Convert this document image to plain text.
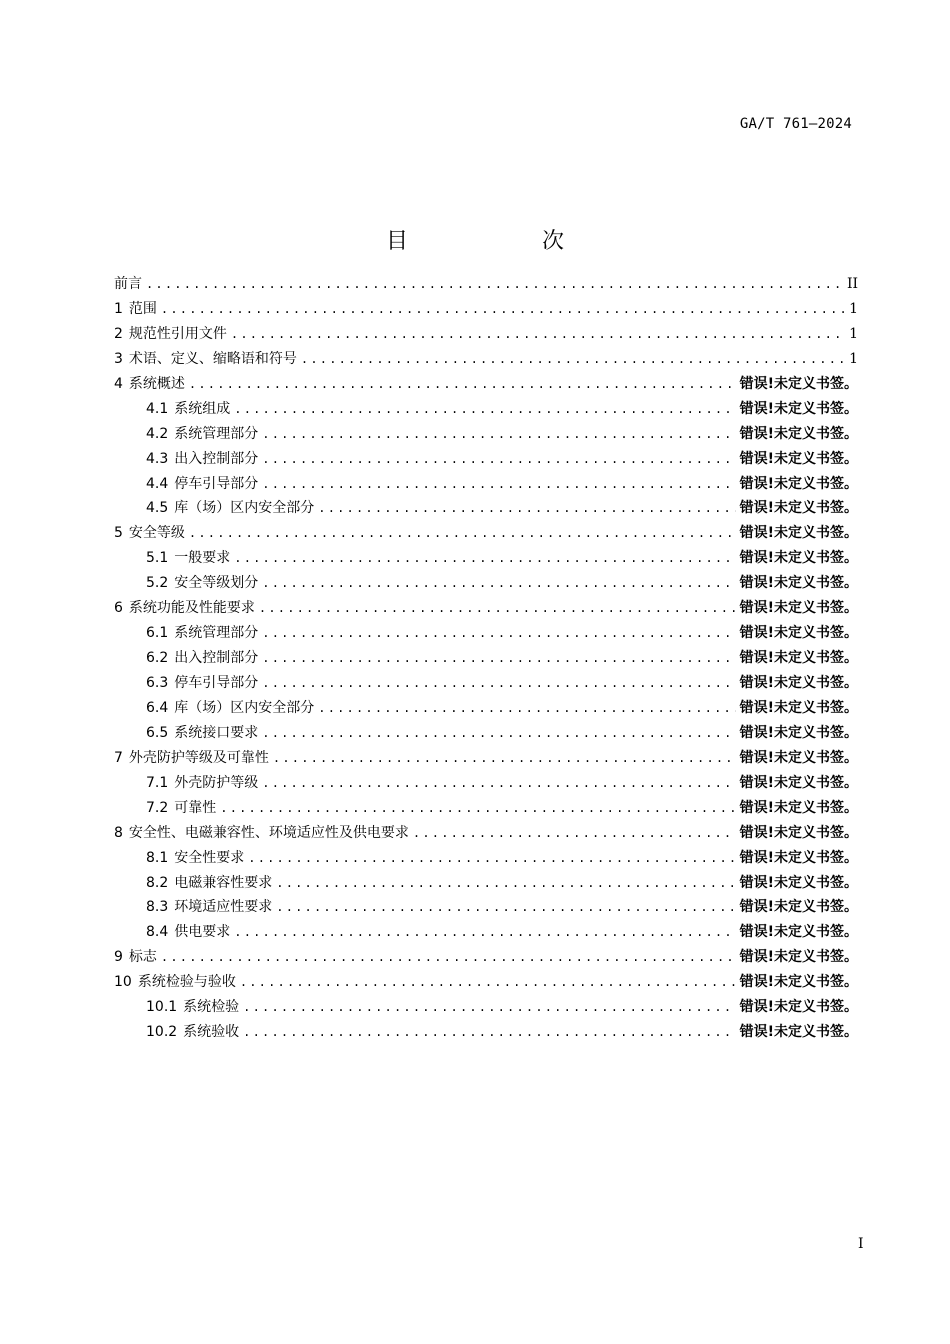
GA/T 761—2024
目　次
前言 .....	II
1 范围 .....	1
2 规范性引用文件 .....	1
3 术语、定义、缩略语和符号 .....	1
4 系统概述 .....	错误!未定义书签。
4.1 系统组成 .....	错误!未定义书签。
4.2 系统管理部分 .....	错误!未定义书签。
4.3 出入控制部分 .....	错误!未定义书签。
4.4 停车引导部分 .....	错误!未定义书签。
4.5 库（场）区内安全部分 .....	错误!未定义书签。
5 安全等级 .....	错误!未定义书签。
5.1 一般要求 .....	错误!未定义书签。
5.2 安全等级划分 .....	错误!未定义书签。
6 系统功能及性能要求 .....	错误!未定义书签。
6.1 系统管理部分 .....	错误!未定义书签。
6.2 出入控制部分 .....	错误!未定义书签。
6.3 停车引导部分 .....	错误!未定义书签。
6.4 库（场）区内安全部分 .....	错误!未定义书签。
6.5 系统接口要求 .....	错误!未定义书签。
7 外壳防护等级及可靠性 .....	错误!未定义书签。
7.1 外壳防护等级 .....	错误!未定义书签。
7.2 可靠性 .....	错误!未定义书签。
8 安全性、电磁兼容性、环境适应性及供电要求 .....	错误!未定义书签。
8.1 安全性要求 .....	错误!未定义书签。
8.2 电磁兼容性要求 .....	错误!未定义书签。
8.3 环境适应性要求 .....	错误!未定义书签。
8.4 供电要求 .....	错误!未定义书签。
9 标志 .....	错误!未定义书签。
10 系统检验与验收 .....	错误!未定义书签。
10.1 系统检验 .....	错误!未定义书签。
10.2 系统验收 .....	错误!未定义书签。
I
